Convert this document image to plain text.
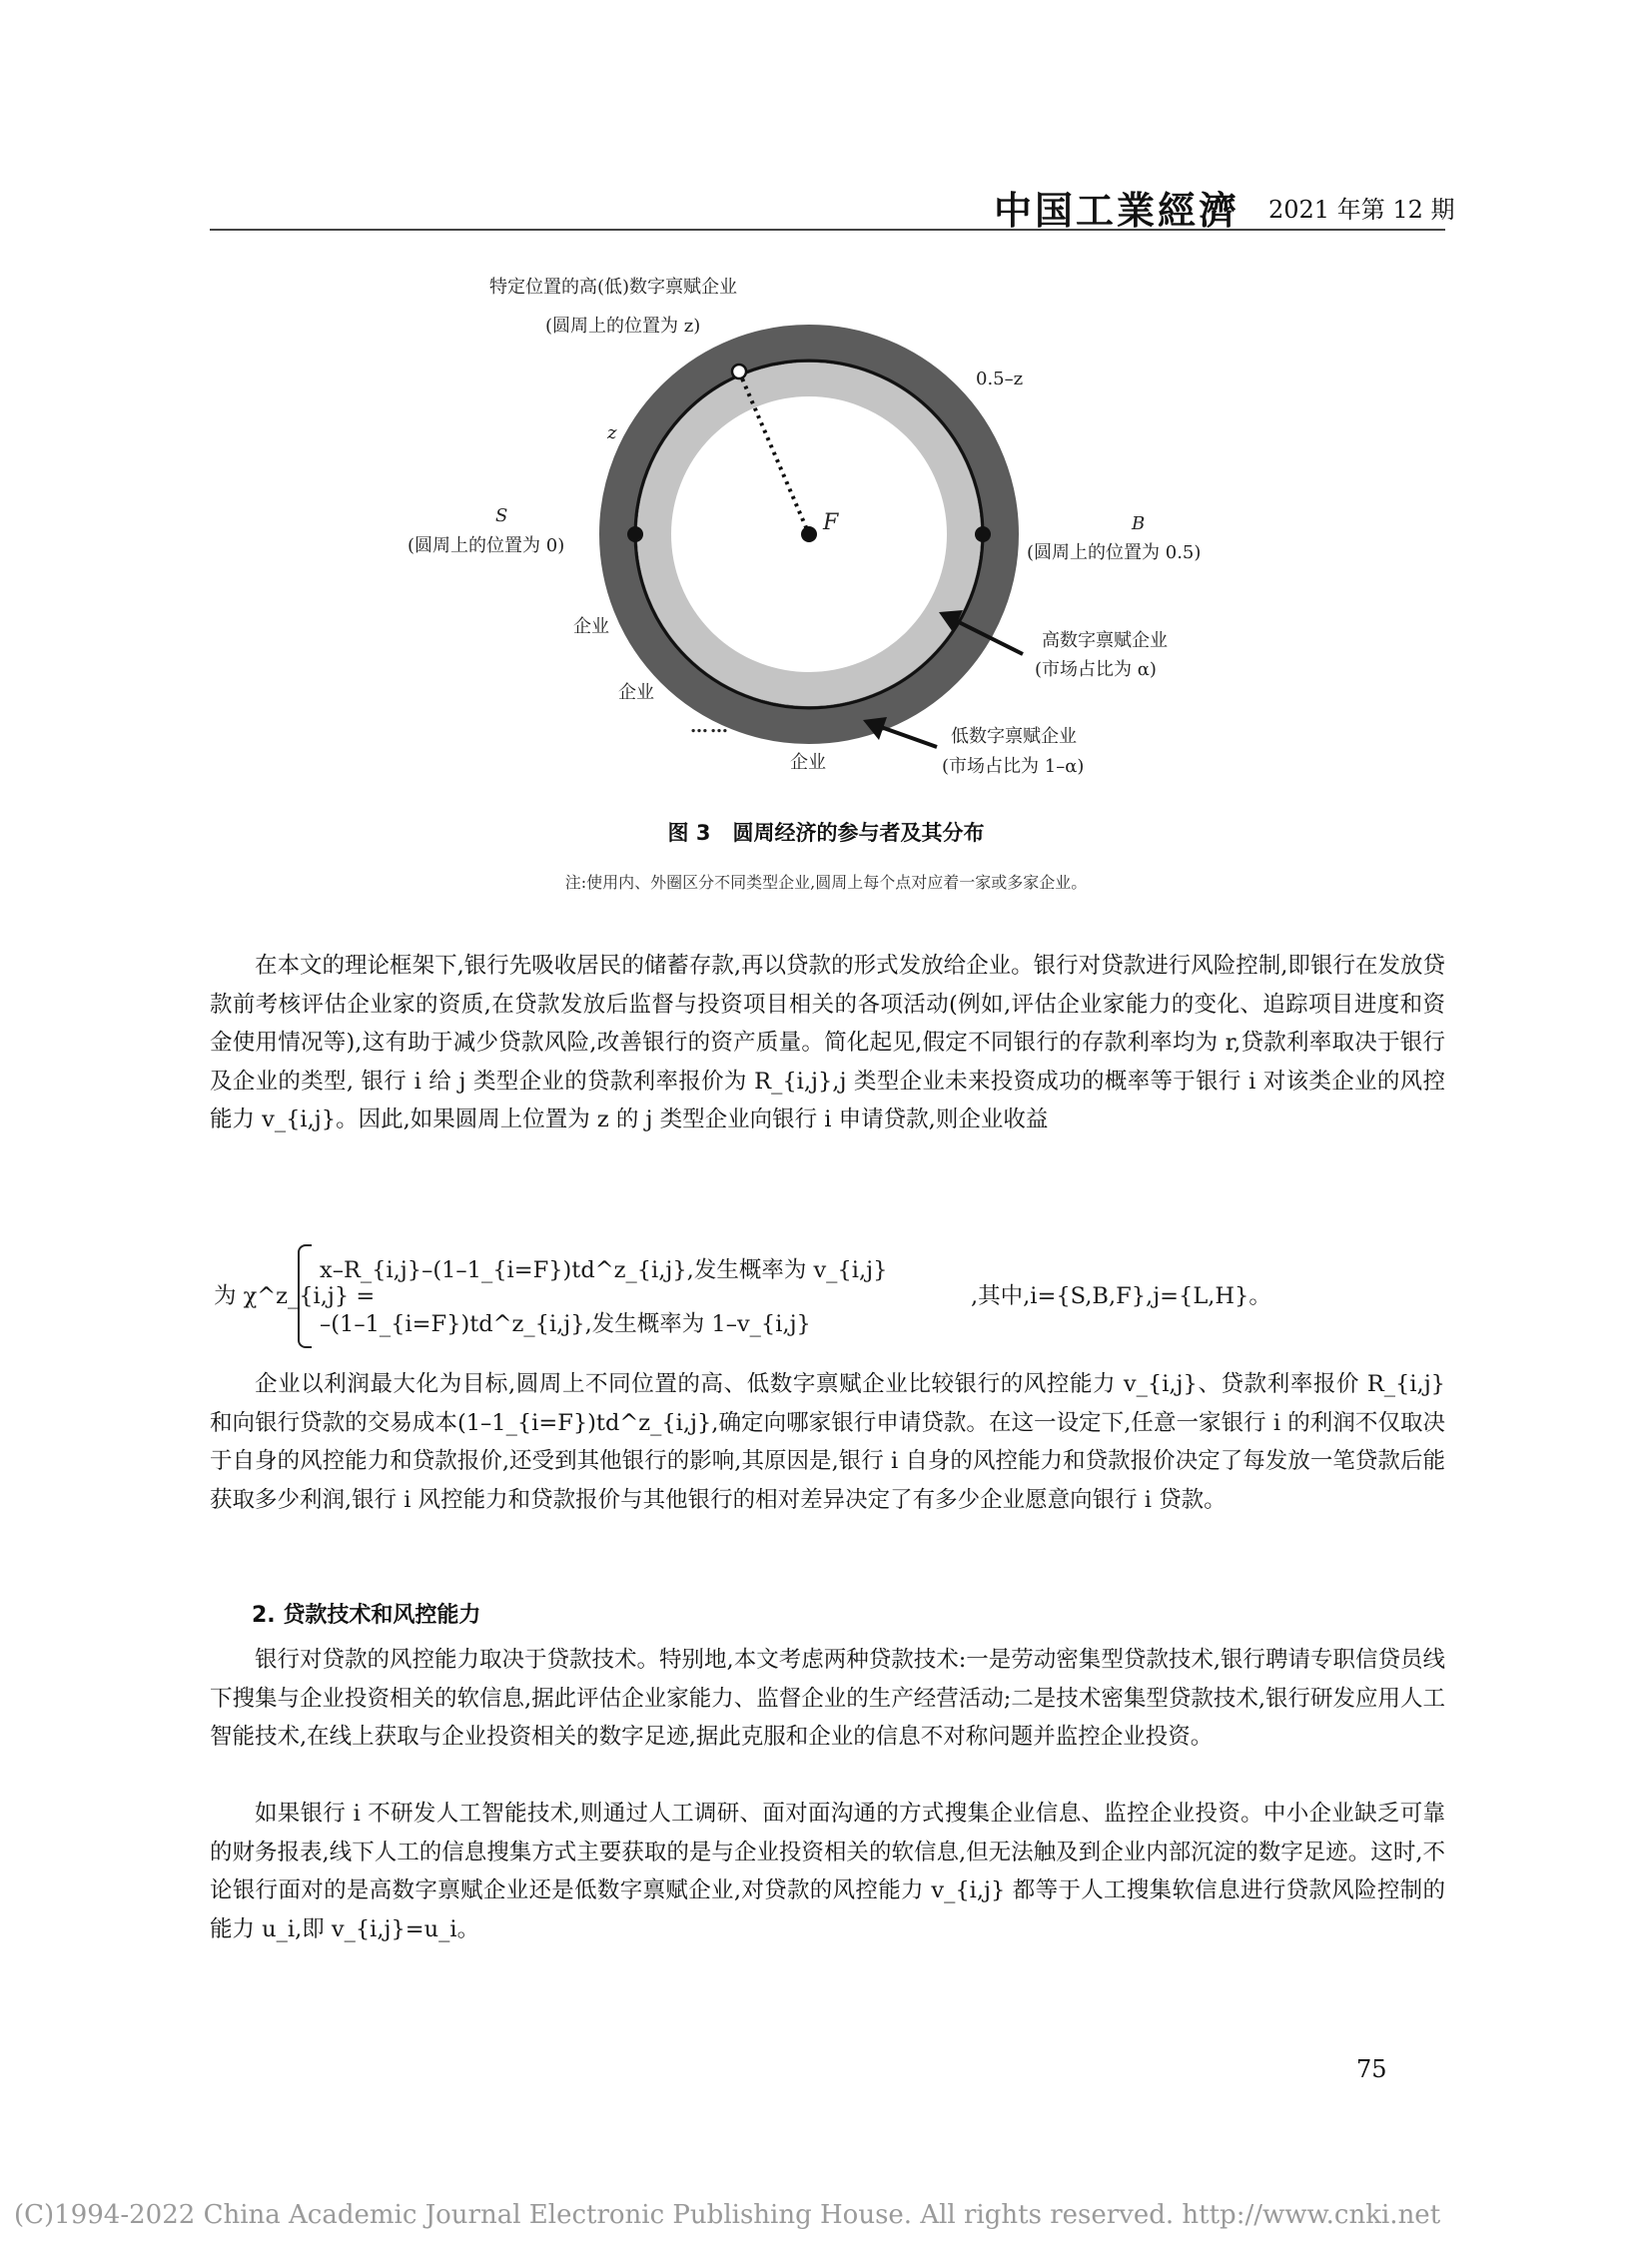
中国工業經濟	2021 年第 12 期
特定位置的高(低)数字禀赋企业
(圆周上的位置为 z)
0.5–z
z
F
S
(圆周上的位置为 0)
B
(圆周上的位置为 0.5)
企业
企业
……
企业
高数字禀赋企业
(市场占比为 α)
低数字禀赋企业
(市场占比为 1–α)
图 3 圆周经济的参与者及其分布
注:使用内、外圈区分不同类型企业,圆周上每个点对应着一家或多家企业。

在本文的理论框架下,银行先吸收居民的储蓄存款,再以贷款的形式发放给企业。银行对贷款进行风险控制,即银行在发放贷款前考核评估企业家的资质,在贷款发放后监督与投资项目相关的各项活动(例如,评估企业家能力的变化、追踪项目进度和资金使用情况等),这有助于减少贷款风险,改善银行的资产质量。简化起见,假定不同银行的存款利率均为 r,贷款利率取决于银行及企业的类型, 银行 i 给 j 类型企业的贷款利率报价为 R_{i,j},j 类型企业未来投资成功的概率等于银行 i 对该类企业的风控能力 v_{i,j}。因此,如果圆周上位置为 z 的 j 类型企业向银行 i 申请贷款,则企业收益

为 χ^z_{i,j} =
x–R_{i,j}–(1–1_{i=F})td^z_{i,j},发生概率为 v_{i,j}
–(1–1_{i=F})td^z_{i,j},发生概率为 1–v_{i,j}
,其中,i={S,B,F},j={L,H}。

企业以利润最大化为目标,圆周上不同位置的高、低数字禀赋企业比较银行的风控能力 v_{i,j}、贷款利率报价 R_{i,j} 和向银行贷款的交易成本(1–1_{i=F})td^z_{i,j},确定向哪家银行申请贷款。在这一设定下,任意一家银行 i 的利润不仅取决于自身的风控能力和贷款报价,还受到其他银行的影响,其原因是,银行 i 自身的风控能力和贷款报价决定了每发放一笔贷款后能获取多少利润,银行 i 风控能力和贷款报价与其他银行的相对差异决定了有多少企业愿意向银行 i 贷款。

2. 贷款技术和风控能力

银行对贷款的风控能力取决于贷款技术。特别地,本文考虑两种贷款技术:一是劳动密集型贷款技术,银行聘请专职信贷员线下搜集与企业投资相关的软信息,据此评估企业家能力、监督企业的生产经营活动;二是技术密集型贷款技术,银行研发应用人工智能技术,在线上获取与企业投资相关的数字足迹,据此克服和企业的信息不对称问题并监控企业投资。

如果银行 i 不研发人工智能技术,则通过人工调研、面对面沟通的方式搜集企业信息、监控企业投资。中小企业缺乏可靠的财务报表,线下人工的信息搜集方式主要获取的是与企业投资相关的软信息,但无法触及到企业内部沉淀的数字足迹。这时,不论银行面对的是高数字禀赋企业还是低数字禀赋企业,对贷款的风控能力 v_{i,j} 都等于人工搜集软信息进行贷款风险控制的能力 u_i,即 v_{i,j}=u_i。

75
(C)1994-2022 China Academic Journal Electronic Publishing House. All rights reserved. http://www.cnki.net
